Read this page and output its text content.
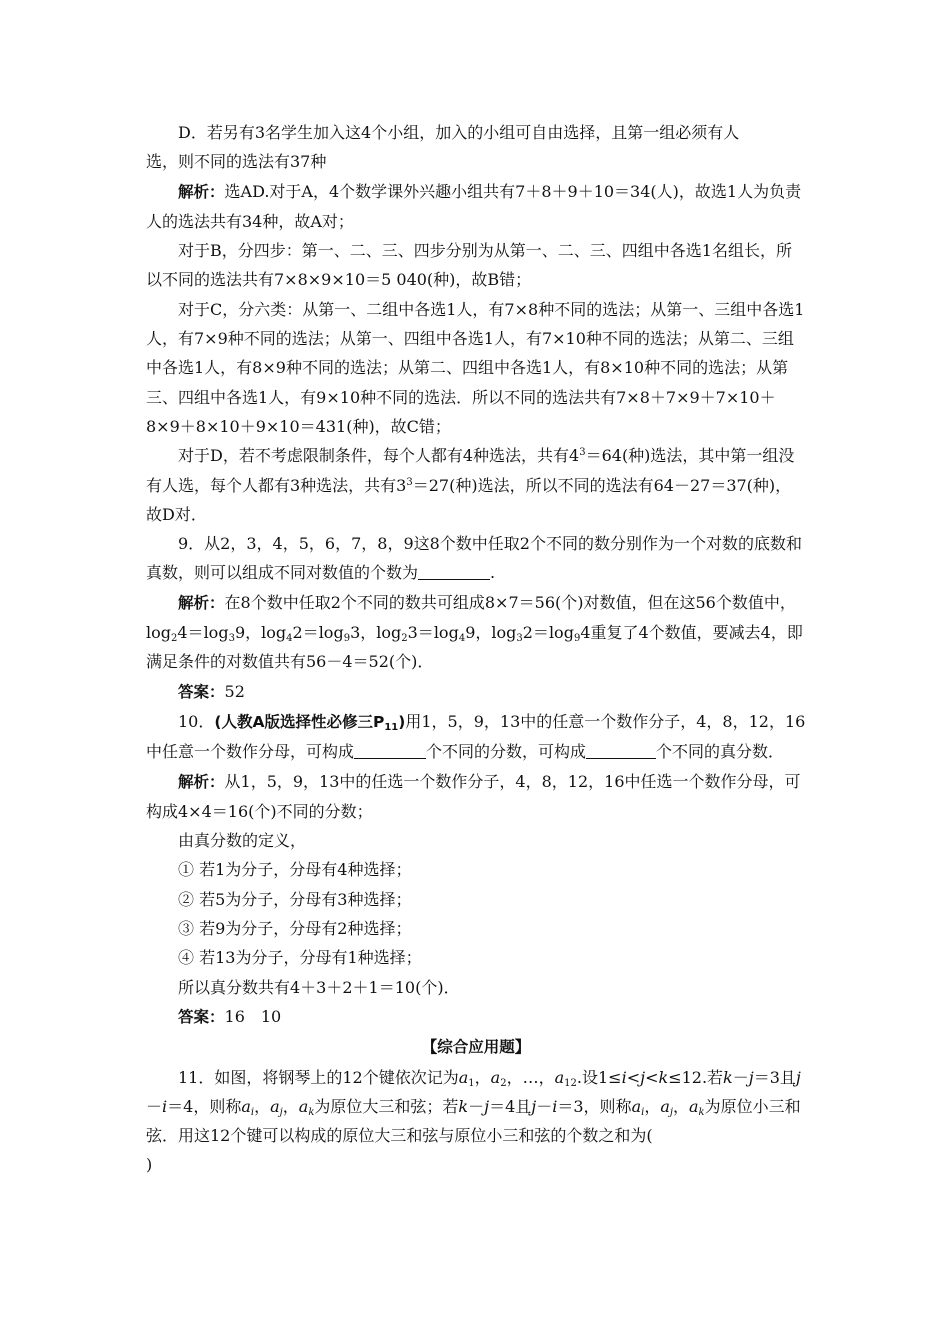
D．若另有3名学生加入这4个小组，加入的小组可自由选择，且第一组必须有人

选，则不同的选法有37种

解析：选AD.对于A，4个数学课外兴趣小组共有7＋8＋9＋10＝34(人)，故选1人为负责人的选法共有34种，故A对；

对于B，分四步：第一、二、三、四步分别为从第一、二、三、四组中各选1名组长，所以不同的选法共有7×8×9×10＝5 040(种)，故B错；

对于C，分六类：从第一、二组中各选1人，有7×8种不同的选法；从第一、三组中各选1人，有7×9种不同的选法；从第一、四组中各选1人，有7×10种不同的选法；从第二、三组中各选1人，有8×9种不同的选法；从第二、四组中各选1人，有8×10种不同的选法；从第三、四组中各选1人，有9×10种不同的选法．所以不同的选法共有7×8＋7×9＋7×10＋8×9＋8×10＋9×10＝431(种)，故C错；

对于D，若不考虑限制条件，每个人都有4种选法，共有$4^3=64$(种)选法，其中第一组没有人选，每个人都有3种选法，共有$3^3=27$(种)选法，所以不同的选法有64－27＝37(种)，故D对．

9．从2，3，4，5，6，7，8，9这8个数中任取2个不同的数分别作为一个对数的底数和真数，则可以组成不同对数值的个数为	.

解析：在8个数中任取2个不同的数共可组成8×7＝56(个)对数值，但在这56个数值中，$\log_24=\log_39$，$\log_42=\log_93$，$\log_23=\log_49$，$\log_32=\log_94$重复了4个数值，要减去4，即满足条件的对数值共有56－4＝52(个)．

答案：52

10．(人教A版选择性必修三$P_{11}$)用1，5，9，13中的任意一个数作分子，4，8，12，16中任意一个数作分母，可构成	个不同的分数，可构成	个不同的真分数．

解析：从1，5，9，13中的任选一个数作分子，4，8，12，16中任选一个数作分母，可构成4×4＝16(个)不同的分数；

由真分数的定义，

① 若1为分子，分母有4种选择；

② 若5为分子，分母有3种选择；

③ 若9为分子，分母有2种选择；

④ 若13为分子，分母有1种选择；

所以真分数共有4＋3＋2＋1＝10(个)．

答案：16　10

【综合应用题】

11．如图，将钢琴上的12个键依次记为$a_1$，$a_2$，…，$a_{12}$.设1≤i<j<k≤12.若k－j＝3且j－i＝4，则称$a_i$，$a_j$，$a_k$为原位大三和弦；若k－j＝4且j－i＝3，则称$a_i$，$a_j$，$a_k$为原位小三和弦．用这12个键可以构成的原位大三和弦与原位小三和弦的个数之和为(

)
